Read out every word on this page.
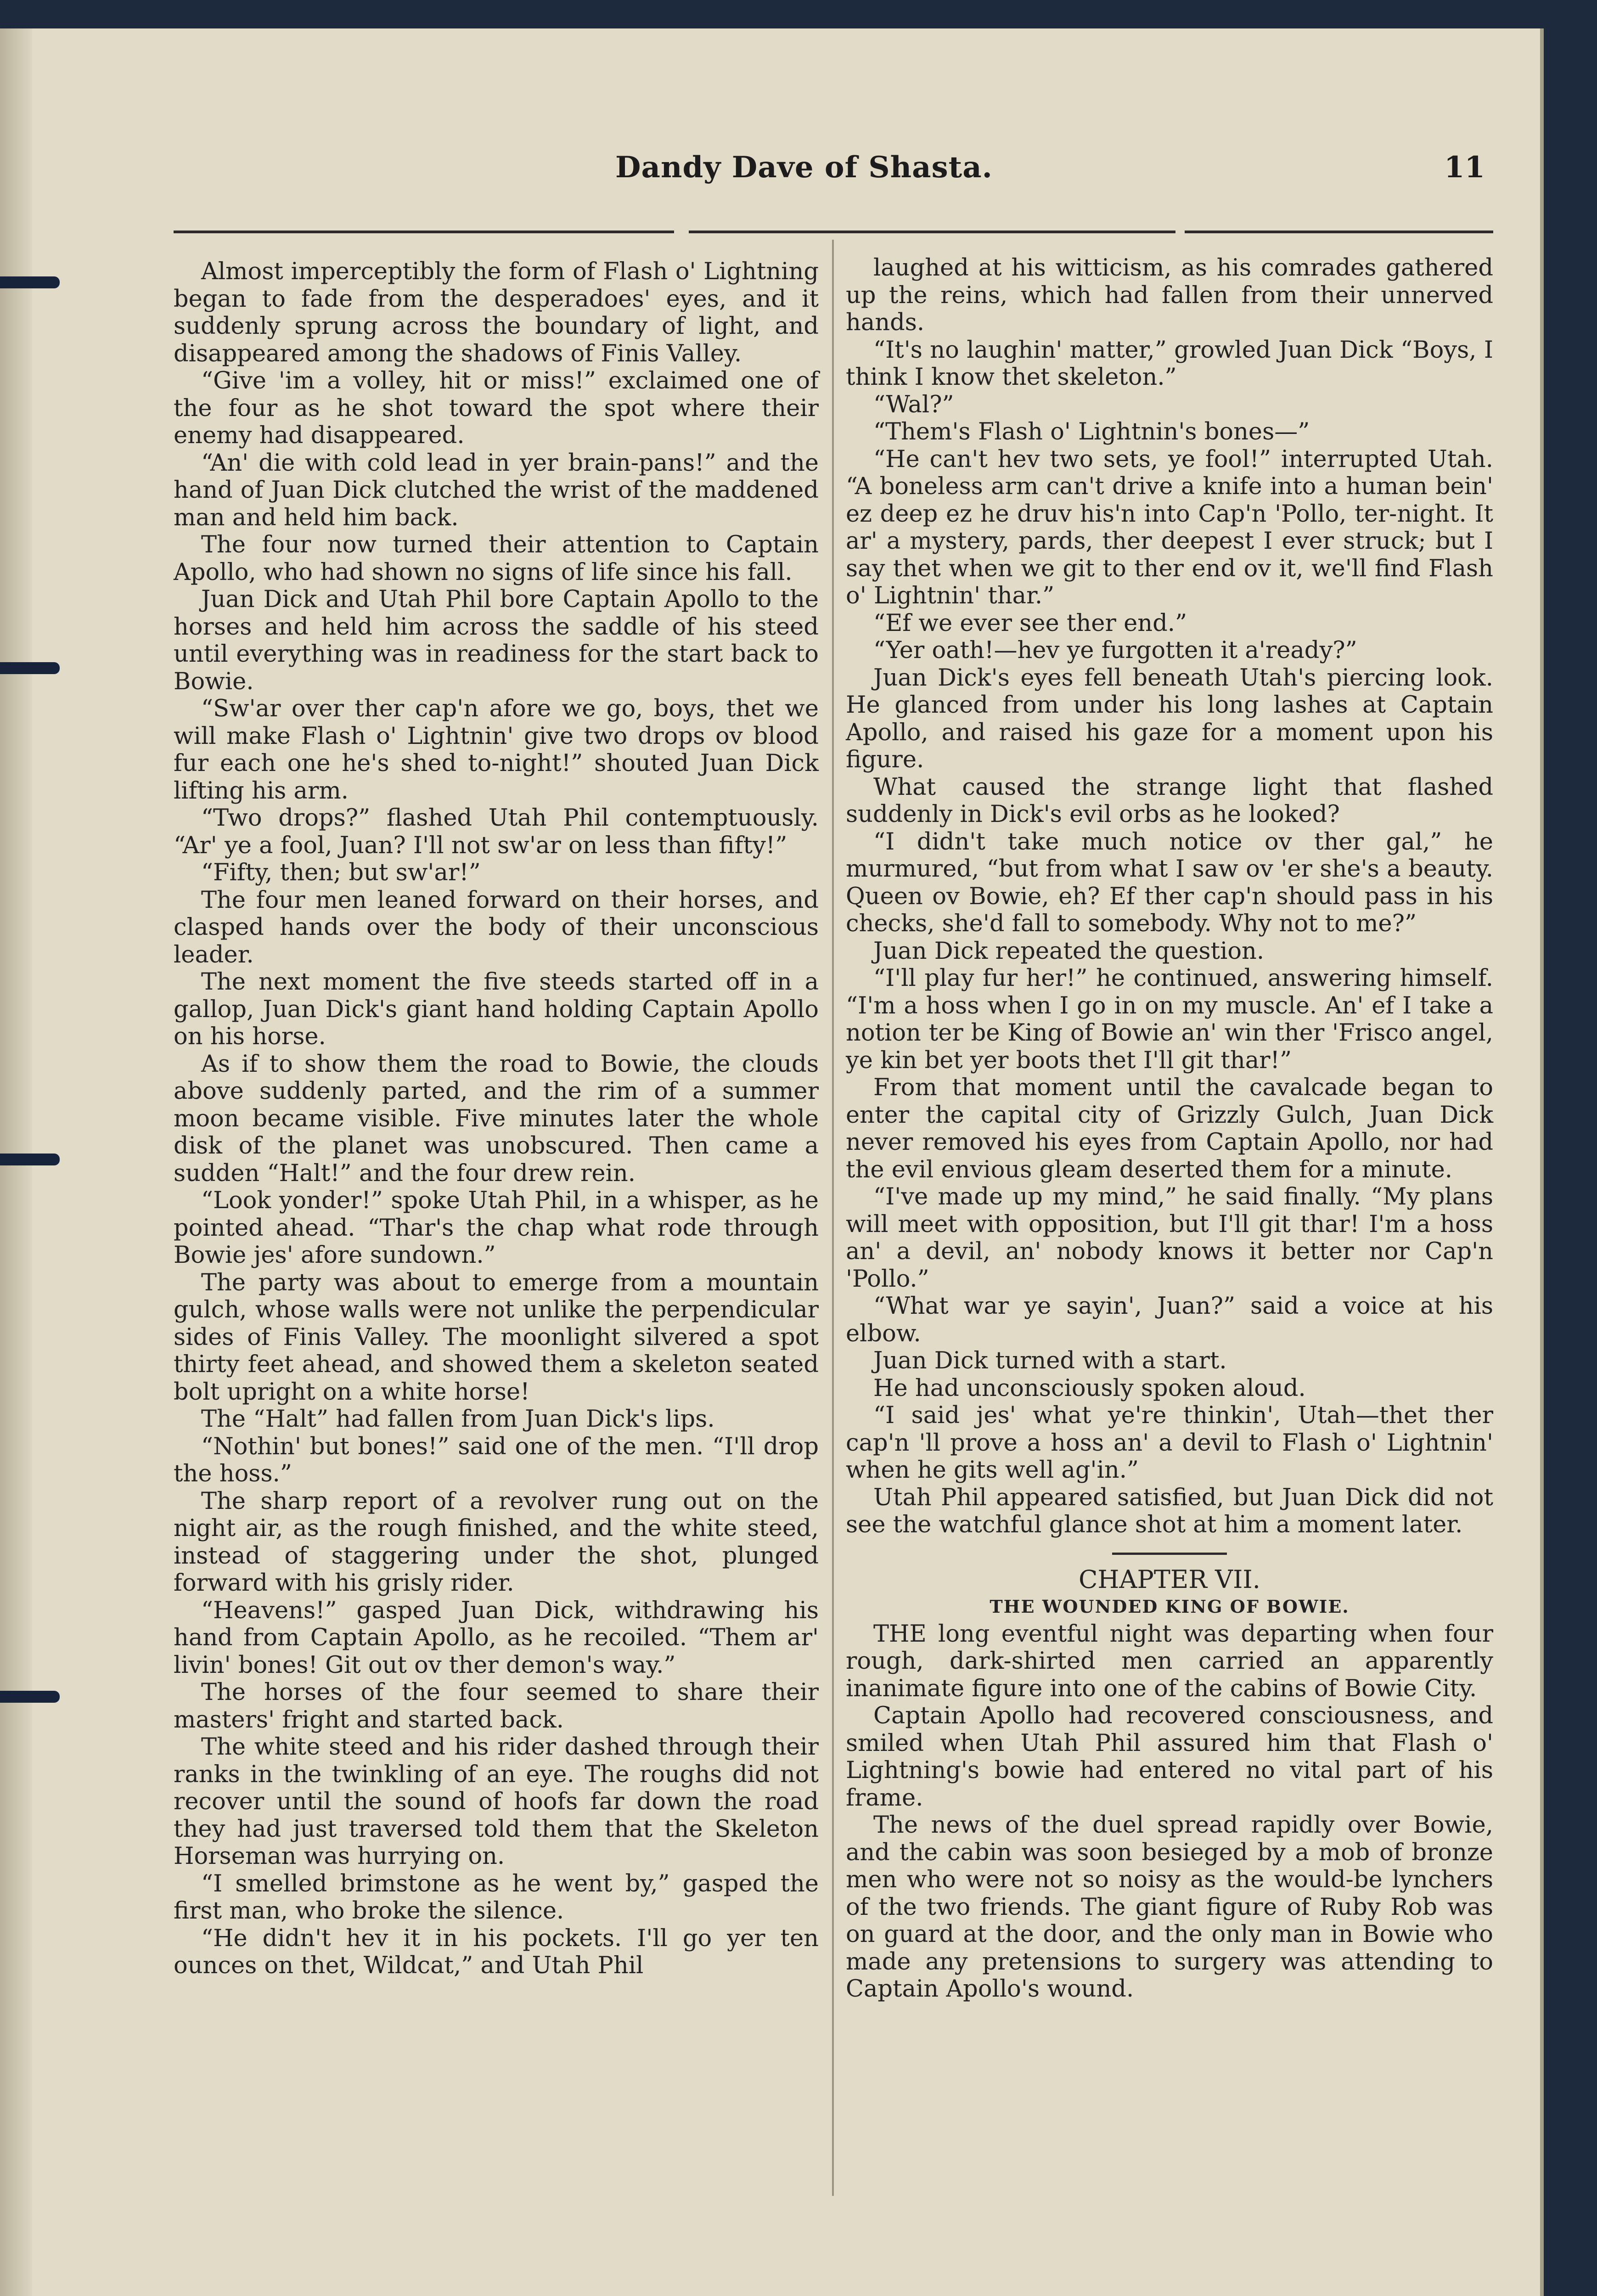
Dandy Dave of Shasta.	11

Almost imperceptibly the form of Flash o' Lightning began to fade from the desperadoes' eyes, and it suddenly sprung across the boundary of light, and disappeared among the shadows of Finis Valley.

“Give 'im a volley, hit or miss!” exclaimed one of the four as he shot toward the spot where their enemy had disappeared.

“An' die with cold lead in yer brain-pans!” and the hand of Juan Dick clutched the wrist of the maddened man and held him back.

The four now turned their attention to Captain Apollo, who had shown no signs of life since his fall.

Juan Dick and Utah Phil bore Captain Apollo to the horses and held him across the saddle of his steed until everything was in readiness for the start back to Bowie.

“Sw'ar over ther cap'n afore we go, boys, thet we will make Flash o' Lightnin' give two drops ov blood fur each one he's shed to-night!” shouted Juan Dick lifting his arm.

“Two drops?” flashed Utah Phil contemptuously. “Ar' ye a fool, Juan? I'll not sw'ar on less than fifty!”

“Fifty, then; but sw'ar!”

The four men leaned forward on their horses, and clasped hands over the body of their unconscious leader.

The next moment the five steeds started off in a gallop, Juan Dick's giant hand holding Captain Apollo on his horse.

As if to show them the road to Bowie, the clouds above suddenly parted, and the rim of a summer moon became visible. Five minutes later the whole disk of the planet was unobscured. Then came a sudden “Halt!” and the four drew rein.

“Look yonder!” spoke Utah Phil, in a whisper, as he pointed ahead. “Thar's the chap what rode through Bowie jes' afore sundown.”

The party was about to emerge from a mountain gulch, whose walls were not unlike the perpendicular sides of Finis Valley. The moonlight silvered a spot thirty feet ahead, and showed them a skeleton seated bolt upright on a white horse!

The “Halt” had fallen from Juan Dick's lips.

“Nothin' but bones!” said one of the men. “I'll drop the hoss.”

The sharp report of a revolver rung out on the night air, as the rough finished, and the white steed, instead of staggering under the shot, plunged forward with his grisly rider.

“Heavens!” gasped Juan Dick, withdrawing his hand from Captain Apollo, as he recoiled. “Them ar' livin' bones! Git out ov ther demon's way.”

The horses of the four seemed to share their masters' fright and started back.

The white steed and his rider dashed through their ranks in the twinkling of an eye. The roughs did not recover until the sound of hoofs far down the road they had just traversed told them that the Skeleton Horseman was hurrying on.

“I smelled brimstone as he went by,” gasped the first man, who broke the silence.

“He didn't hev it in his pockets. I'll go yer ten ounces on thet, Wildcat,” and Utah Phil

laughed at his witticism, as his comrades gathered up the reins, which had fallen from their unnerved hands.

“It's no laughin' matter,” growled Juan Dick “Boys, I think I know thet skeleton.”

“Wal?”

“Them's Flash o' Lightnin's bones—”

“He can't hev two sets, ye fool!” interrupted Utah. “A boneless arm can't drive a knife into a human bein' ez deep ez he druv his'n into Cap'n 'Pollo, ter-night. It ar' a mystery, pards, ther deepest I ever struck; but I say thet when we git to ther end ov it, we'll find Flash o' Lightnin' thar.”

“Ef we ever see ther end.”

“Yer oath!—hev ye furgotten it a'ready?”

Juan Dick's eyes fell beneath Utah's piercing look. He glanced from under his long lashes at Captain Apollo, and raised his gaze for a moment upon his figure.

What caused the strange light that flashed suddenly in Dick's evil orbs as he looked?

“I didn't take much notice ov ther gal,” he murmured, “but from what I saw ov 'er she's a beauty. Queen ov Bowie, eh? Ef ther cap'n should pass in his checks, she'd fall to somebody. Why not to me?”

Juan Dick repeated the question.

“I'll play fur her!” he continued, answering himself. “I'm a hoss when I go in on my muscle. An' ef I take a notion ter be King of Bowie an' win ther 'Frisco angel, ye kin bet yer boots thet I'll git thar!”

From that moment until the cavalcade began to enter the capital city of Grizzly Gulch, Juan Dick never removed his eyes from Captain Apollo, nor had the evil envious gleam deserted them for a minute.

“I've made up my mind,” he said finally. “My plans will meet with opposition, but I'll git thar! I'm a hoss an' a devil, an' nobody knows it better nor Cap'n 'Pollo.”

“What war ye sayin', Juan?” said a voice at his elbow.

Juan Dick turned with a start.

He had unconsciously spoken aloud.

“I said jes' what ye're thinkin', Utah—thet ther cap'n 'll prove a hoss an' a devil to Flash o' Lightnin' when he gits well ag'in.”

Utah Phil appeared satisfied, but Juan Dick did not see the watchful glance shot at him a moment later.

CHAPTER VII.

THE WOUNDED KING OF BOWIE.

THE long eventful night was departing when four rough, dark-shirted men carried an apparently inanimate figure into one of the cabins of Bowie City.

Captain Apollo had recovered consciousness, and smiled when Utah Phil assured him that Flash o' Lightning's bowie had entered no vital part of his frame.

The news of the duel spread rapidly over Bowie, and the cabin was soon besieged by a mob of bronze men who were not so noisy as the would-be lynchers of the two friends. The giant figure of Ruby Rob was on guard at the door, and the only man in Bowie who made any pretensions to surgery was attending to Captain Apollo's wound.
